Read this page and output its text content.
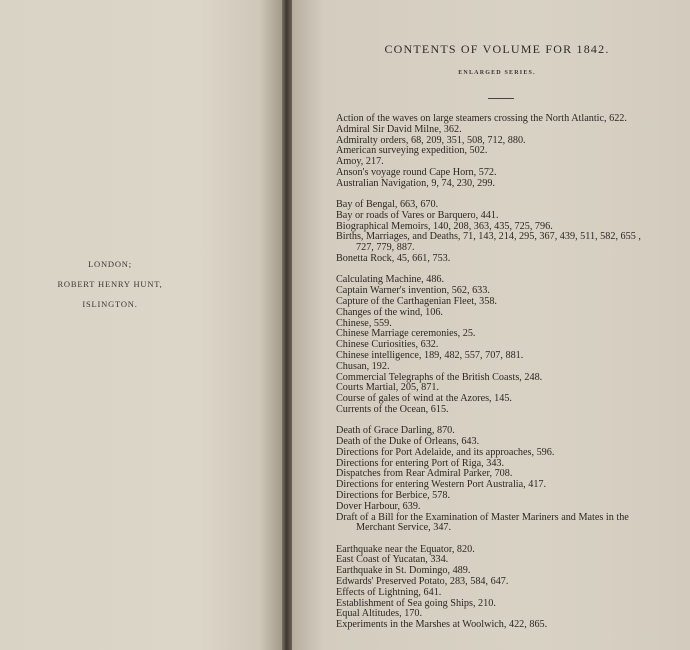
LONDON;
ROBERT HENRY HUNT,
ISLINGTON.
CONTENTS OF VOLUME FOR 1842.
ENLARGED SERIES.
Action of the waves on large steamers crossing the North Atlantic, 622.
Admiral Sir David Milne, 362.
Admiralty orders, 68, 209, 351, 508, 712, 880.
American surveying expedition, 502.
Amoy, 217.
Anson's voyage round Cape Horn, 572.
Australian Navigation, 9, 74, 230, 299.
Bay of Bengal, 663, 670.
Bay or roads of Vares or Barquero, 441.
Biographical Memoirs, 140, 208, 363, 435, 725, 796.
Births, Marriages, and Deaths, 71, 143, 214, 295, 367, 439, 511, 582, 655 ,
727, 779, 887.
Bonetta Rock, 45, 661, 753.
Calculating Machine, 486.
Captain Warner's invention, 562, 633.
Capture of the Carthagenian Fleet, 358.
Changes of the wind, 106.
Chinese, 559.
Chinese Marriage ceremonies, 25.
Chinese Curiosities, 632.
Chinese intelligence, 189, 482, 557, 707, 881.
Chusan, 192.
Commercial Telegraphs of the British Coasts, 248.
Courts Martial, 205, 871.
Course of gales of wind at the Azores, 145.
Currents of the Ocean, 615.
Death of Grace Darling, 870.
Death of the Duke of Orleans, 643.
Directions for Port Adelaide, and its approaches, 596.
Directions for entering Port of Riga, 343.
Dispatches from Rear Admiral Parker, 708.
Directions for entering Western Port Australia, 417.
Directions for Berbice, 578.
Dover Harbour, 639.
Draft of a Bill for the Examination of Master Mariners and Mates in the
Merchant Service, 347.
Earthquake near the Equator, 820.
East Coast of Yucatan, 334.
Earthquake in St. Domingo, 489.
Edwards' Preserved Potato, 283, 584, 647.
Effects of Lightning, 641.
Establishment of Sea going Ships, 210.
Equal Altitudes, 170.
Experiments in the Marshes at Woolwich, 422, 865.
